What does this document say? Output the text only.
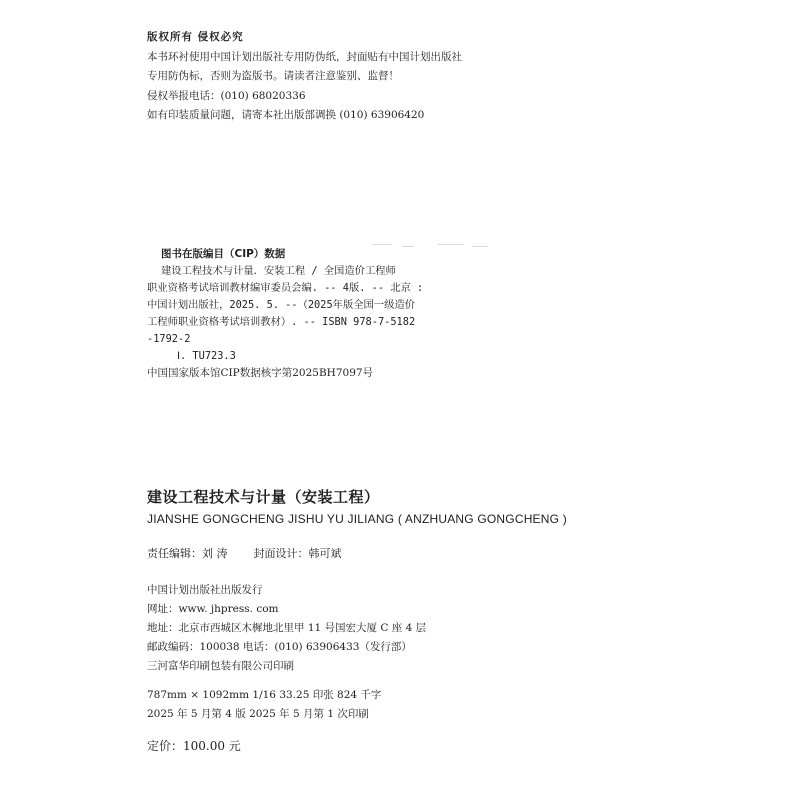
版权所有 侵权必究
本书环衬使用中国计划出版社专用防伪纸，封面贴有中国计划出版社
专用防伪标，否则为盗版书。请读者注意鉴别、监督！
侵权举报电话：(010) 68020336
如有印装质量问题，请寄本社出版部调换 (010) 63906420
图书在版编目（CIP）数据
建设工程技术与计量．安装工程 / 全国造价工程师
职业资格考试培训教材编审委员会编. -- 4版. -- 北京 :
中国计划出版社，2025. 5. --（2025年版全国一级造价
工程师职业资格考试培训教材）. -- ISBN 978-7-5182
-1792-2
Ⅰ. TU723.3
中国国家版本馆CIP数据核字第2025BH7097号
建设工程技术与计量（安装工程）
JIANSHE GONGCHENG JISHU YU JILIANG ( ANZHUANG GONGCHENG )
责任编辑：刘 涛 封面设计：韩可斌
中国计划出版社出版发行
网址：www. jhpress. com
地址：北京市西城区木樨地北里甲 11 号国宏大厦 C 座 4 层
邮政编码：100038 电话：(010) 63906433（发行部）
三河富华印刷包装有限公司印刷
787mm × 1092mm 1/16 33.25 印张 824 千字
2025 年 5 月第 4 版 2025 年 5 月第 1 次印刷
定价：100.00 元
